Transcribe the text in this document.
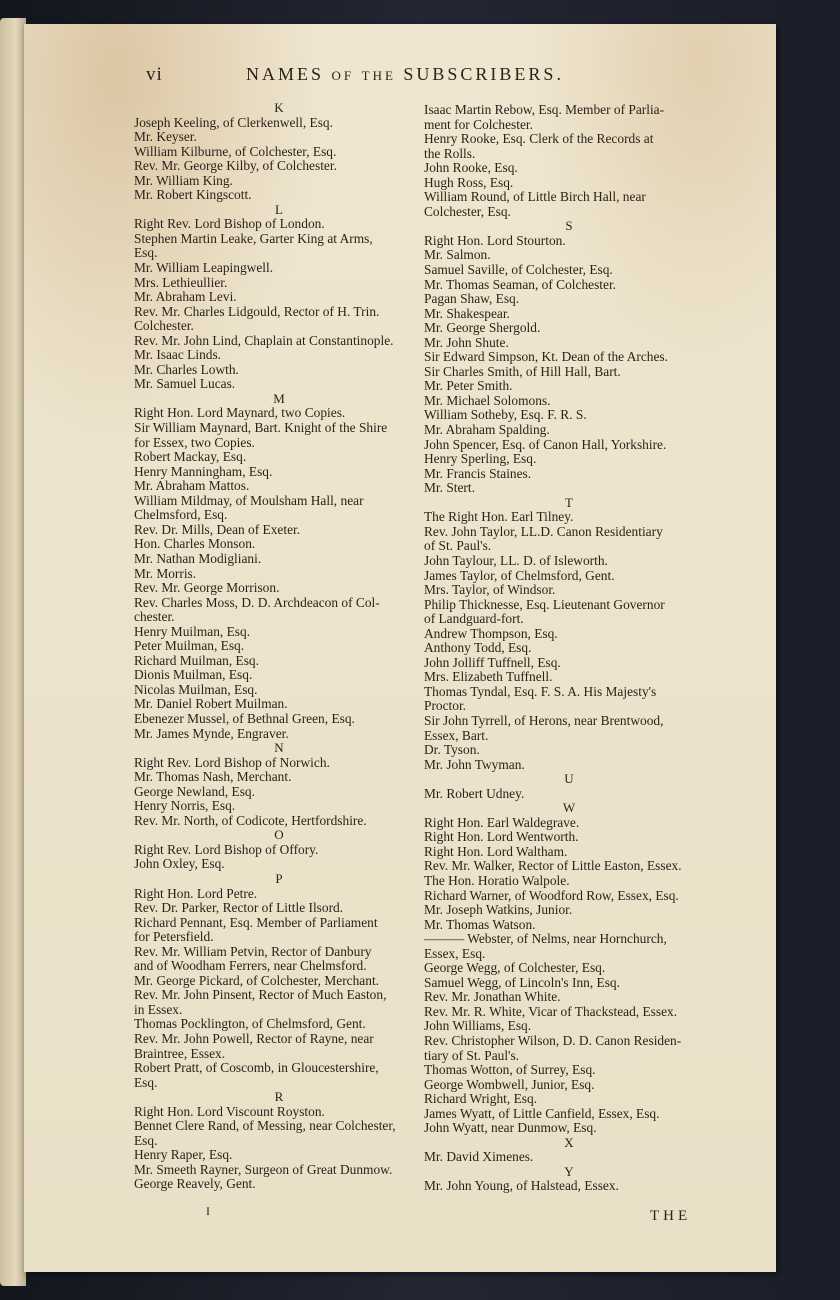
vi	NAMES of the SUBSCRIBERS.
K
Joseph Keeling, of Clerkenwell, Esq.
Mr. Keyser.
William Kilburne, of Colchester, Esq.
Rev. Mr. George Kilby, of Colchester.
Mr. William King.
Mr. Robert Kingscott.
L
Right Rev. Lord Bishop of London.
Stephen Martin Leake, Garter King at Arms,
Esq.
Mr. William Leapingwell.
Mrs. Lethieullier.
Mr. Abraham Levi.
Rev. Mr. Charles Lidgould, Rector of H. Trin.
Colchester.
Rev. Mr. John Lind, Chaplain at Constantinople.
Mr. Isaac Linds.
Mr. Charles Lowth.
Mr. Samuel Lucas.
M
Right Hon. Lord Maynard, two Copies.
Sir William Maynard, Bart. Knight of the Shire
for Essex, two Copies.
Robert Mackay, Esq.
Henry Manningham, Esq.
Mr. Abraham Mattos.
William Mildmay, of Moulsham Hall, near
Chelmsford, Esq.
Rev. Dr. Mills, Dean of Exeter.
Hon. Charles Monson.
Mr. Nathan Modigliani.
Mr. Morris.
Rev. Mr. George Morrison.
Rev. Charles Moss, D. D. Archdeacon of Col-
chester.
Henry Muilman, Esq.
Peter Muilman, Esq.
Richard Muilman, Esq.
Dionis Muilman, Esq.
Nicolas Muilman, Esq.
Mr. Daniel Robert Muilman.
Ebenezer Mussel, of Bethnal Green, Esq.
Mr. James Mynde, Engraver.
N
Right Rev. Lord Bishop of Norwich.
Mr. Thomas Nash, Merchant.
George Newland, Esq.
Henry Norris, Esq.
Rev. Mr. North, of Codicote, Hertfordshire.
O
Right Rev. Lord Bishop of Offory.
John Oxley, Esq.
P
Right Hon. Lord Petre.
Rev. Dr. Parker, Rector of Little Ilsord.
Richard Pennant, Esq. Member of Parliament
for Petersfield.
Rev. Mr. William Petvin, Rector of Danbury
and of Woodham Ferrers, near Chelmsford.
Mr. George Pickard, of Colchester, Merchant.
Rev. Mr. John Pinsent, Rector of Much Easton,
in Essex.
Thomas Pocklington, of Chelmsford, Gent.
Rev. Mr. John Powell, Rector of Rayne, near
Braintree, Essex.
Robert Pratt, of Coscomb, in Gloucestershire,
Esq.
R
Right Hon. Lord Viscount Royston.
Bennet Clere Rand, of Messing, near Colchester,
Esq.
Henry Raper, Esq.
Mr. Smeeth Rayner, Surgeon of Great Dunmow.
George Reavely, Gent.
Isaac Martin Rebow, Esq. Member of Parlia-
ment for Colchester.
Henry Rooke, Esq. Clerk of the Records at
the Rolls.
John Rooke, Esq.
Hugh Ross, Esq.
William Round, of Little Birch Hall, near
Colchester, Esq.
S
Right Hon. Lord Stourton.
Mr. Salmon.
Samuel Saville, of Colchester, Esq.
Mr. Thomas Seaman, of Colchester.
Pagan Shaw, Esq.
Mr. Shakespear.
Mr. George Shergold.
Mr. John Shute.
Sir Edward Simpson, Kt. Dean of the Arches.
Sir Charles Smith, of Hill Hall, Bart.
Mr. Peter Smith.
Mr. Michael Solomons.
William Sotheby, Esq. F. R. S.
Mr. Abraham Spalding.
John Spencer, Esq. of Canon Hall, Yorkshire.
Henry Sperling, Esq.
Mr. Francis Staines.
Mr. Stert.
T
The Right Hon. Earl Tilney.
Rev. John Taylor, LL.D. Canon Residentiary
of St. Paul's.
John Taylour, LL. D. of Isleworth.
James Taylor, of Chelmsford, Gent.
Mrs. Taylor, of Windsor.
Philip Thicknesse, Esq. Lieutenant Governor
of Landguard-fort.
Andrew Thompson, Esq.
Anthony Todd, Esq.
John Jolliff Tuffnell, Esq.
Mrs. Elizabeth Tuffnell.
Thomas Tyndal, Esq. F. S. A. His Majesty's
Proctor.
Sir John Tyrrell, of Herons, near Brentwood,
Essex, Bart.
Dr. Tyson.
Mr. John Twyman.
U
Mr. Robert Udney.
W
Right Hon. Earl Waldegrave.
Right Hon. Lord Wentworth.
Right Hon. Lord Waltham.
Rev. Mr. Walker, Rector of Little Easton, Essex.
The Hon. Horatio Walpole.
Richard Warner, of Woodford Row, Essex, Esq.
Mr. Joseph Watkins, Junior.
Mr. Thomas Watson.
——— Webster, of Nelms, near Hornchurch,
Essex, Esq.
George Wegg, of Colchester, Esq.
Samuel Wegg, of Lincoln's Inn, Esq.
Rev. Mr. Jonathan White.
Rev. Mr. R. White, Vicar of Thackstead, Essex.
John Williams, Esq.
Rev. Christopher Wilson, D. D. Canon Residen-
tiary of St. Paul's.
Thomas Wotton, of Surrey, Esq.
George Wombwell, Junior, Esq.
Richard Wright, Esq.
James Wyatt, of Little Canfield, Essex, Esq.
John Wyatt, near Dunmow, Esq.
X
Mr. David Ximenes.
Y
Mr. John Young, of Halstead, Essex.
I	THE
